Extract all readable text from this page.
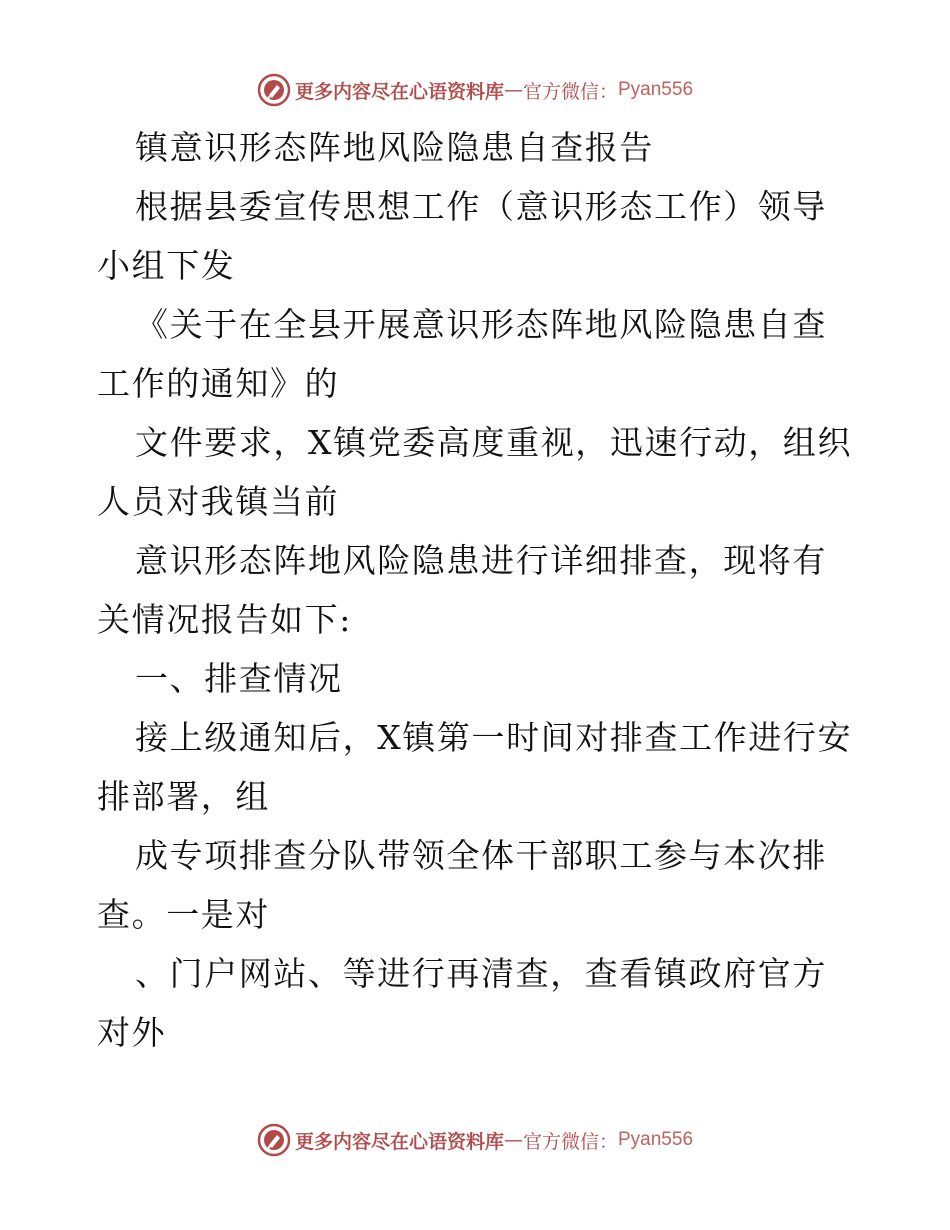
更多内容尽在心语资料库 — 官方微信： Pyan556

镇意识形态阵地风险隐患自查报告

根据县委宣传思想工作（意识形态工作）领导小组下发

《关于在全县开展意识形态阵地风险隐患自查工作的通知》的

文件要求，X镇党委高度重视，迅速行动，组织人员对我镇当前

意识形态阵地风险隐患进行详细排查，现将有关情况报告如下:

一、排查情况

接上级通知后，X镇第一时间对排查工作进行安排部署，组

成专项排查分队带领全体干部职工参与本次排查。一是对

、门户网站、等进行再清查，查看镇政府官方对外

更多内容尽在心语资料库 — 官方微信： Pyan556
